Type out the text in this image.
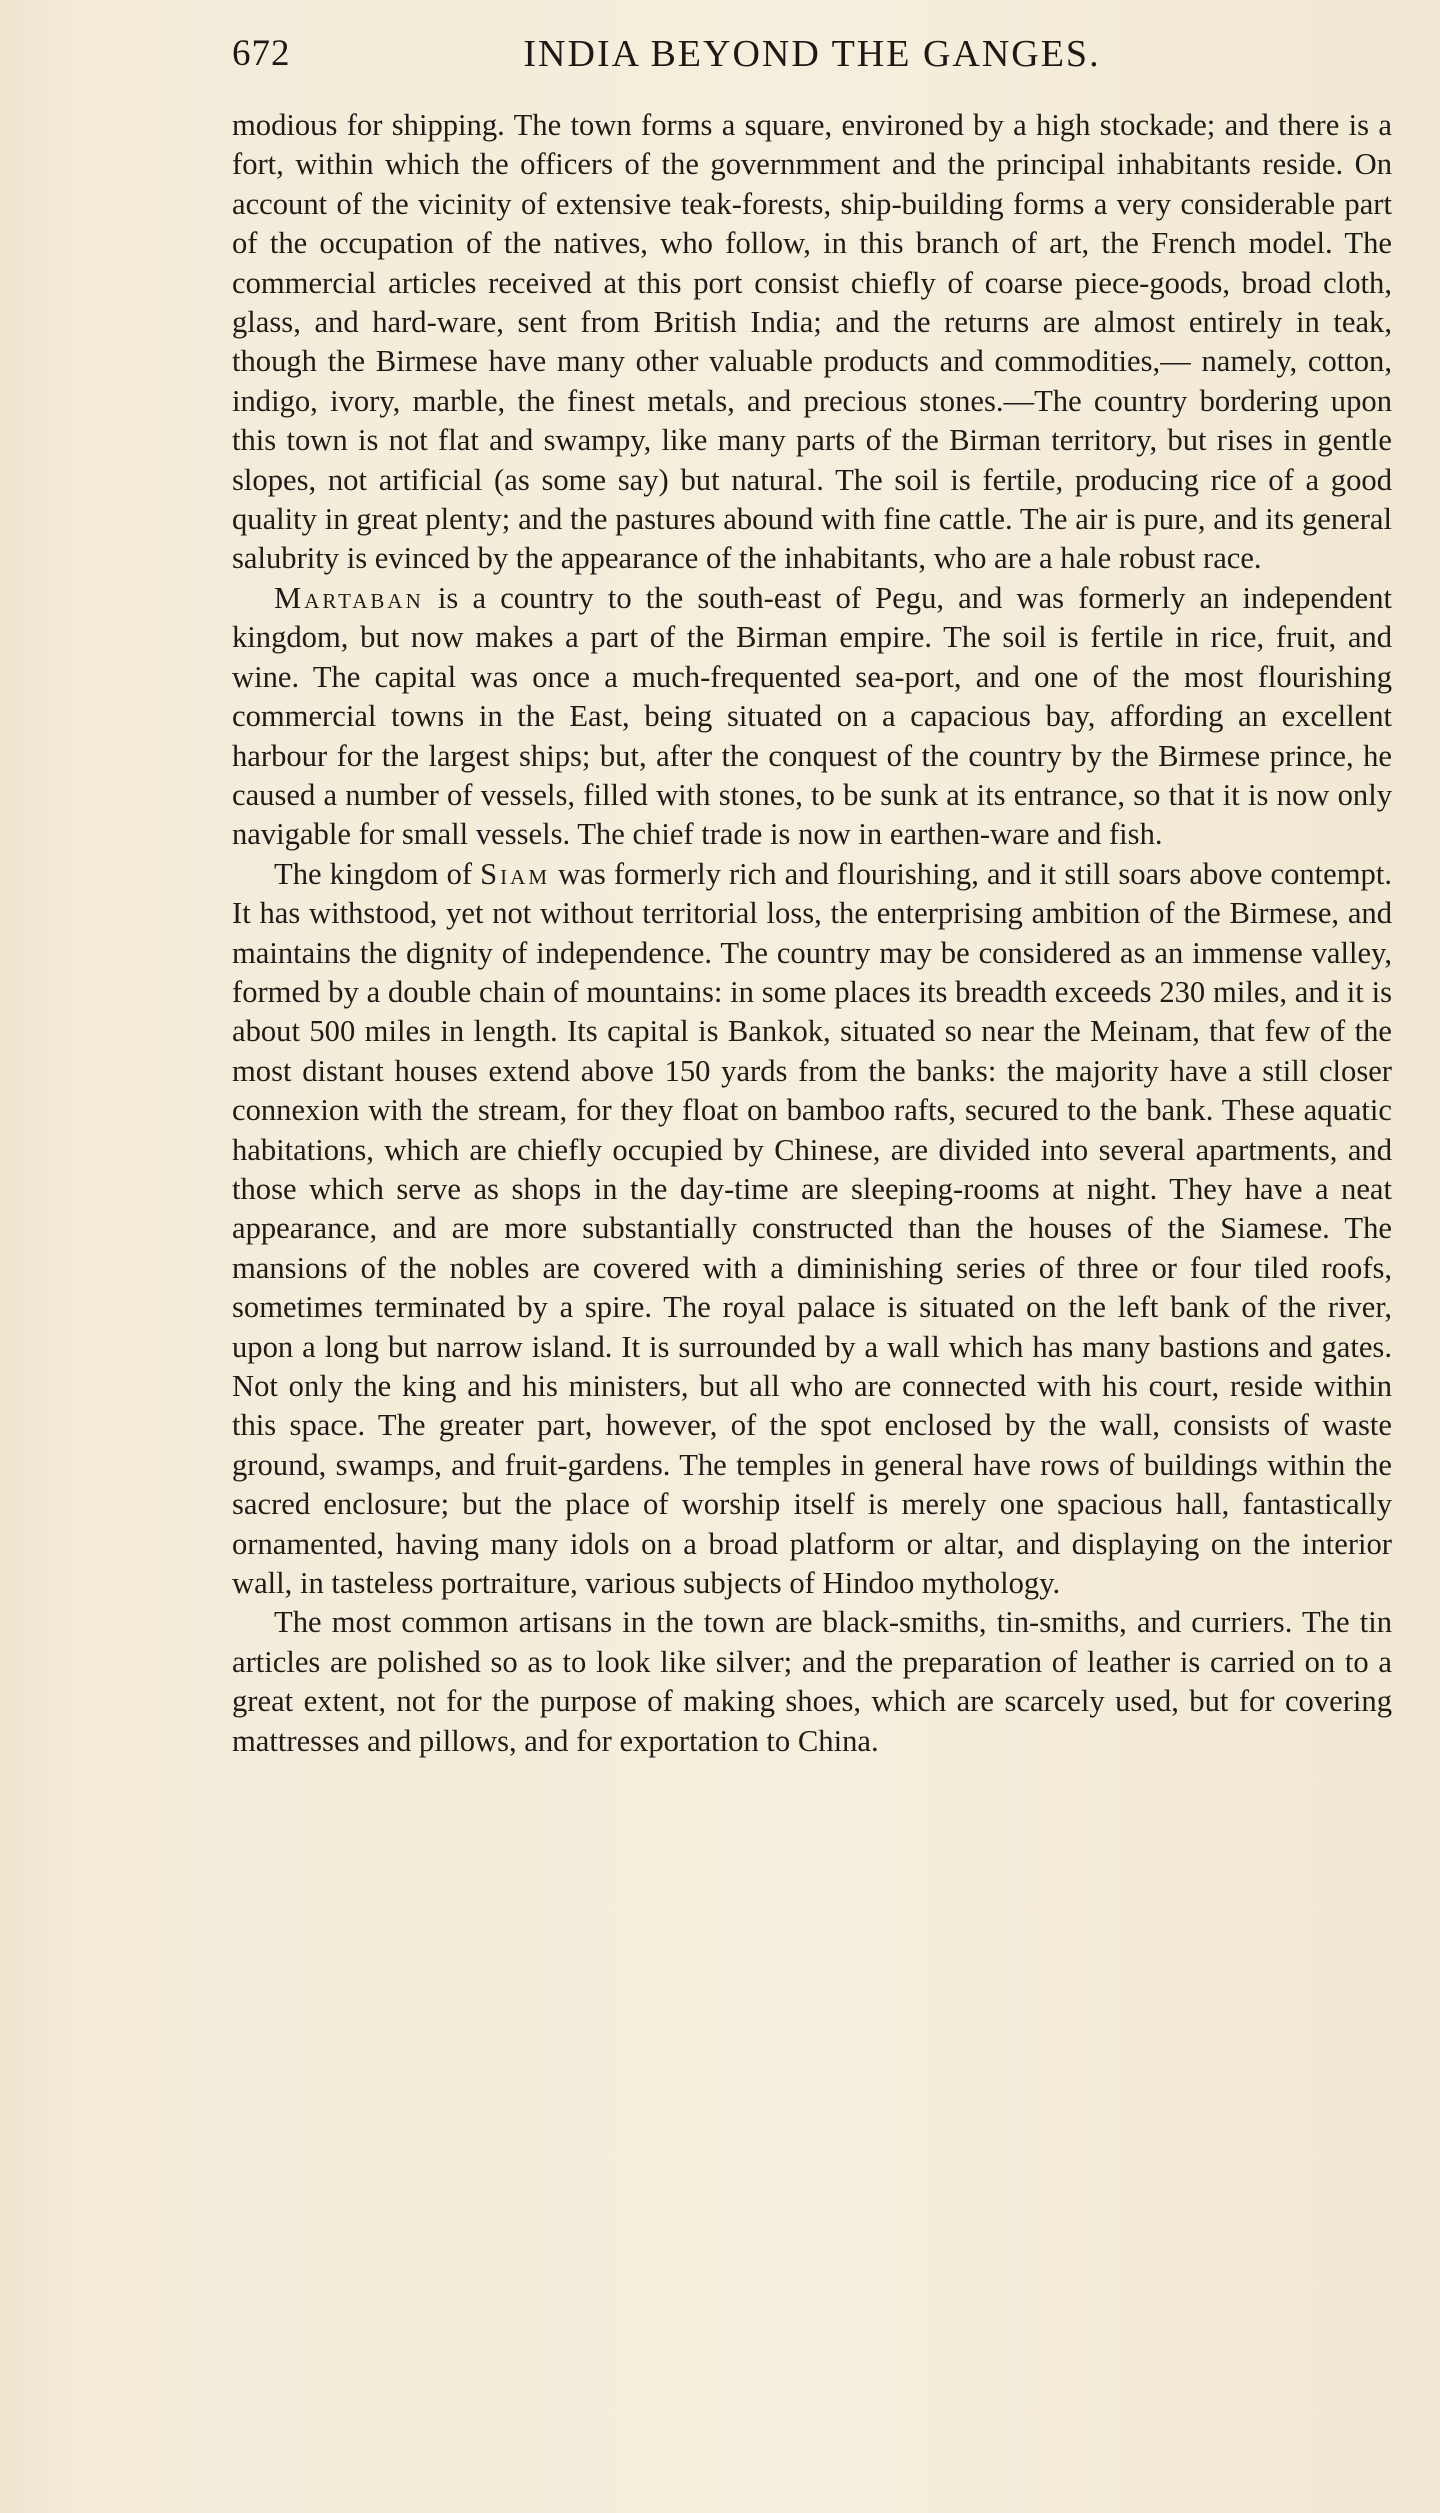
672	INDIA BEYOND THE GANGES.

modious for shipping. The town forms a square, environed by a high stockade; and there is a fort, within which the officers of the governmment and the principal inhabitants reside. On account of the vicinity of extensive teak-forests, ship-building forms a very considerable part of the occupation of the natives, who follow, in this branch of art, the French model. The commercial articles received at this port consist chiefly of coarse piece-goods, broad cloth, glass, and hard-ware, sent from British India; and the returns are almost entirely in teak, though the Birmese have many other valuable products and commodities,— namely, cotton, indigo, ivory, marble, the finest metals, and precious stones.—The country bordering upon this town is not flat and swampy, like many parts of the Birman territory, but rises in gentle slopes, not artificial (as some say) but natural. The soil is fertile, producing rice of a good quality in great plenty; and the pastures abound with fine cattle. The air is pure, and its general salubrity is evinced by the appearance of the inhabitants, who are a hale robust race.

Martaban is a country to the south-east of Pegu, and was formerly an independent kingdom, but now makes a part of the Birman empire. The soil is fertile in rice, fruit, and wine. The capital was once a much-frequented sea-port, and one of the most flourishing commercial towns in the East, being situated on a capacious bay, affording an excellent harbour for the largest ships; but, after the conquest of the country by the Birmese prince, he caused a number of vessels, filled with stones, to be sunk at its entrance, so that it is now only navigable for small vessels. The chief trade is now in earthen-ware and fish.

The kingdom of Siam was formerly rich and flourishing, and it still soars above contempt. It has withstood, yet not without territorial loss, the enterprising ambition of the Birmese, and maintains the dignity of independence. The country may be considered as an immense valley, formed by a double chain of mountains: in some places its breadth exceeds 230 miles, and it is about 500 miles in length. Its capital is Bankok, situated so near the Meinam, that few of the most distant houses extend above 150 yards from the banks: the majority have a still closer connexion with the stream, for they float on bamboo rafts, secured to the bank. These aquatic habitations, which are chiefly occupied by Chinese, are divided into several apartments, and those which serve as shops in the day-time are sleeping-rooms at night. They have a neat appearance, and are more substantially constructed than the houses of the Siamese. The mansions of the nobles are covered with a diminishing series of three or four tiled roofs, sometimes terminated by a spire. The royal palace is situated on the left bank of the river, upon a long but narrow island. It is surrounded by a wall which has many bastions and gates. Not only the king and his ministers, but all who are connected with his court, reside within this space. The greater part, however, of the spot enclosed by the wall, consists of waste ground, swamps, and fruit-gardens. The temples in general have rows of buildings within the sacred enclosure; but the place of worship itself is merely one spacious hall, fantastically ornamented, having many idols on a broad platform or altar, and displaying on the interior wall, in tasteless portraiture, various subjects of Hindoo mythology.

The most common artisans in the town are black-smiths, tin-smiths, and curriers. The tin articles are polished so as to look like silver; and the preparation of leather is carried on to a great extent, not for the purpose of making shoes, which are scarcely used, but for covering mattresses and pillows, and for exportation to China.
